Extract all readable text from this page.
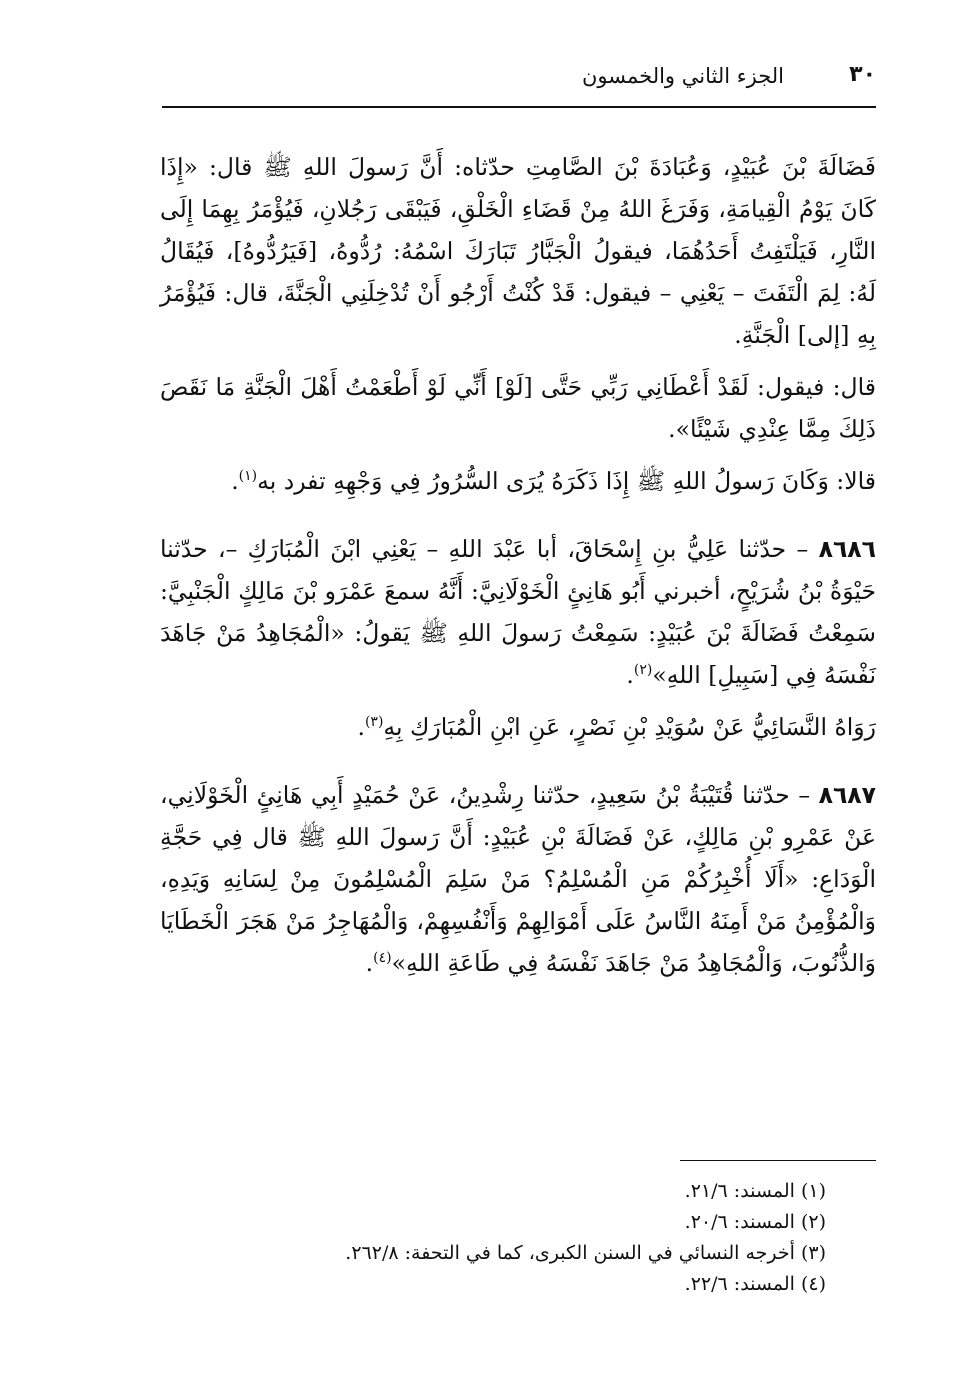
٣٠
الجزء الثاني والخمسون

فَضَالَةَ بْنَ عُبَيْدٍ، وَعُبَادَةَ بْنَ الصَّامِتِ حدّثاه: أَنَّ رَسولَ اللهِ ﷺ قال: «إِذَا كَانَ يَوْمُ الْقِيامَةِ، وَفَرَغَ اللهُ مِنْ قَضَاءِ الْخَلْقِ، فَيَبْقَى رَجُلانِ، فَيُؤْمَرُ بِهِمَا إِلَى النَّارِ، فَيَلْتَفِتُ أَحَدُهُمَا، فيقولُ الْجَبَّارُ تَبَارَكَ اسْمُهُ: رُدُّوهُ، [فَيَرُدُّوهُ]، فَيُقَالُ لَهُ: لِمَ الْتَفَتَ – يَعْنِي – فيقول: قَدْ كُنْتُ أَرْجُو أَنْ تُدْخِلَنِي الْجَنَّةَ، قال: فَيُؤْمَرُ بِهِ [إلى] الْجَنَّةِ.

قال: فيقول: لَقَدْ أَعْطَانِي رَبِّي حَتَّى [لَوْ] أَنِّي لَوْ أَطْعَمْتُ أَهْلَ الْجَنَّةِ مَا نَقَصَ ذَلِكَ مِمَّا عِنْدِي شَيْئًا».

قالا: وَكَانَ رَسولُ اللهِ ﷺ إِذَا ذَكَرَهُ يُرَى السُّرُورُ فِي وَجْهِهِ تفرد به$^{(١)}$.

٨٦٨٦ – حدّثنا عَلِيُّ بنِ إِسْحَاقَ، أبا عَبْدَ اللهِ – يَعْنِي ابْنَ الْمُبَارَكِ –، حدّثنا حَيْوَةُ بْنُ شُرَيْحٍ، أخبرني أَبُو هَانِئٍ الْخَوْلَانِيَّ: أَنَّهُ سمعَ عَمْرَو بْنَ مَالِكٍ الْجَنْبِيَّ: سَمِعْتُ فَضَالَةَ بْنَ عُبَيْدٍ: سَمِعْتُ رَسولَ اللهِ ﷺ يَقولُ: «الْمُجَاهِدُ مَنْ جَاهَدَ نَفْسَهُ فِي [سَبِيلِ] اللهِ»$^{(٢)}$.

رَوَاهُ النَّسَائِيُّ عَنْ سُوَيْدِ بْنِ نَصْرٍ، عَنِ ابْنِ الْمُبَارَكِ بِهِ$^{(٣)}$.

٨٦٨٧ – حدّثنا قُتَيْبَةُ بْنُ سَعِيدٍ، حدّثنا رِشْدِينُ، عَنْ حُمَيْدٍ أَبِي هَانِئٍ الْخَوْلَانِي، عَنْ عَمْرِو بْنِ مَالِكٍ، عَنْ فَضَالَةَ بْنِ عُبَيْدٍ: أَنَّ رَسولَ اللهِ ﷺ قال فِي حَجَّةِ الْوَدَاعِ: «أَلَا أُخْبِرُكُمْ مَنِ الْمُسْلِمُ؟ مَنْ سَلِمَ الْمُسْلِمُونَ مِنْ لِسَانِهِ وَيَدِهِ، وَالْمُؤْمِنُ مَنْ أَمِنَهُ النَّاسُ عَلَى أَمْوَالِهِمْ وَأَنْفُسِهِمْ، وَالْمُهَاجِرُ مَنْ هَجَرَ الْخَطَايَا وَالذُّنُوبَ، وَالْمُجَاهِدُ مَنْ جَاهَدَ نَفْسَهُ فِي طَاعَةِ اللهِ»$^{(٤)}$.

(١) المسند: ٢١/٦.
(٢) المسند: ٢٠/٦.
(٣) أخرجه النسائي في السنن الكبرى، كما في التحفة: ٢٦٢/٨.
(٤) المسند: ٢٢/٦.
